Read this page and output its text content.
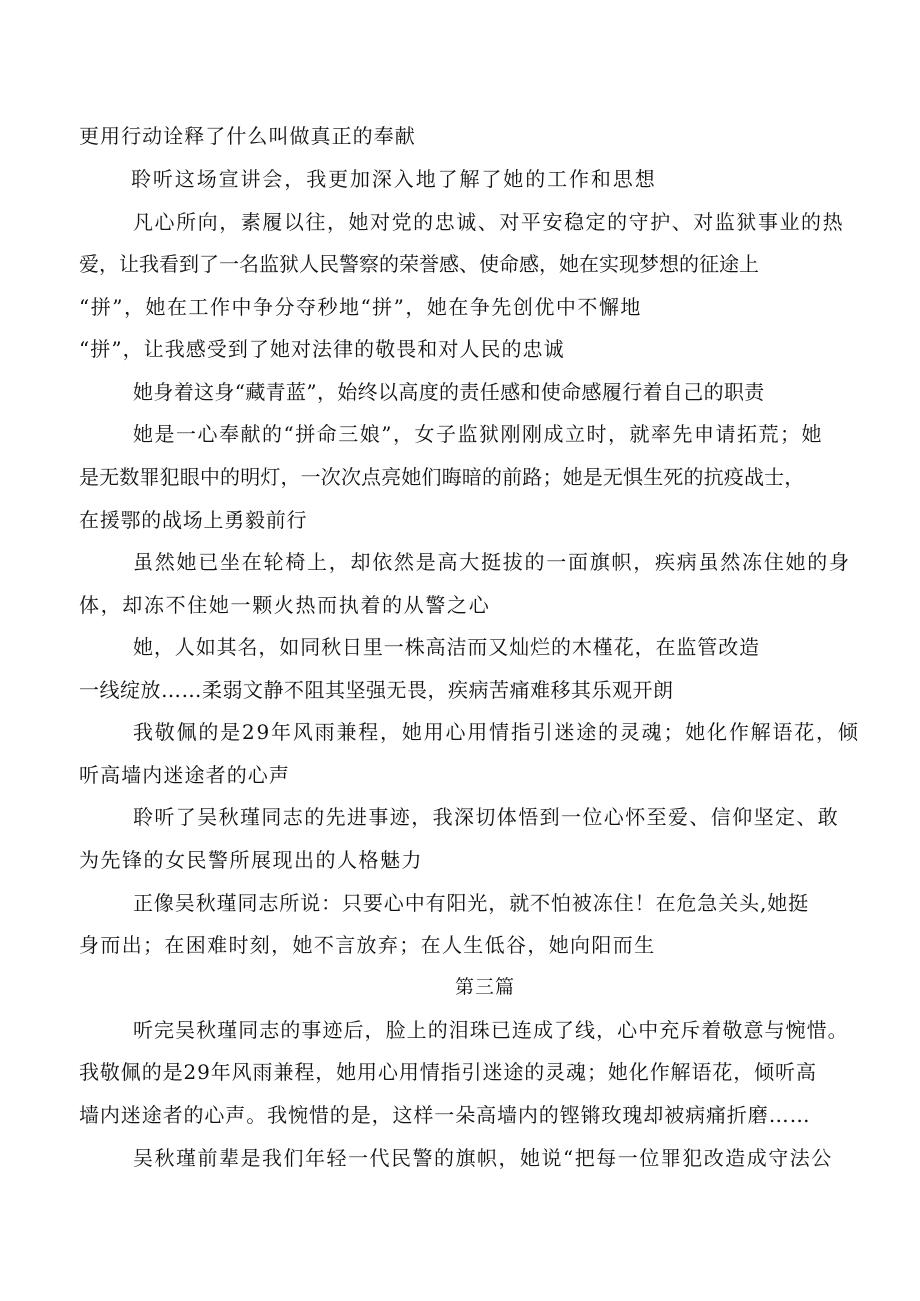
更用行动诠释了什么叫做真正的奉献
聆听这场宣讲会，我更加深入地了解了她的工作和思想
凡心所向，素履以往，她对党的忠诚、对平安稳定的守护、对监狱事业的热
爱，让我看到了一名监狱人民警察的荣誉感、使命感，她在实现梦想的征途上
“拼”，她在工作中争分夺秒地“拼”，她在争先创优中不懈地
“拼”，让我感受到了她对法律的敬畏和对人民的忠诚
她身着这身“藏青蓝”，始终以高度的责任感和使命感履行着自己的职责
她是一心奉献的“拼命三娘”，女子监狱刚刚成立时，就率先申请拓荒；她
是无数罪犯眼中的明灯，一次次点亮她们晦暗的前路；她是无惧生死的抗疫战士，
在援鄂的战场上勇毅前行
虽然她已坐在轮椅上，却依然是高大挺拔的一面旗帜，疾病虽然冻住她的身
体，却冻不住她一颗火热而执着的从警之心
她，人如其名，如同秋日里一株高洁而又灿烂的木槿花，在监管改造
一线绽放……柔弱文静不阻其坚强无畏，疾病苦痛难移其乐观开朗
我敬佩的是29年风雨兼程，她用心用情指引迷途的灵魂；她化作解语花，倾
听高墙内迷途者的心声
聆听了吴秋瑾同志的先进事迹，我深切体悟到一位心怀至爱、信仰坚定、敢
为先锋的女民警所展现出的人格魅力
正像吴秋瑾同志所说：只要心中有阳光，就不怕被冻住！在危急关头,她挺
身而出；在困难时刻，她不言放弃；在人生低谷，她向阳而生
第三篇
听完吴秋瑾同志的事迹后，脸上的泪珠已连成了线，心中充斥着敬意与惋惜。
我敬佩的是29年风雨兼程，她用心用情指引迷途的灵魂；她化作解语花，倾听高
墙内迷途者的心声。我惋惜的是，这样一朵高墙内的铿锵玫瑰却被病痛折磨……
吴秋瑾前辈是我们年轻一代民警的旗帜，她说“把每一位罪犯改造成守法公
